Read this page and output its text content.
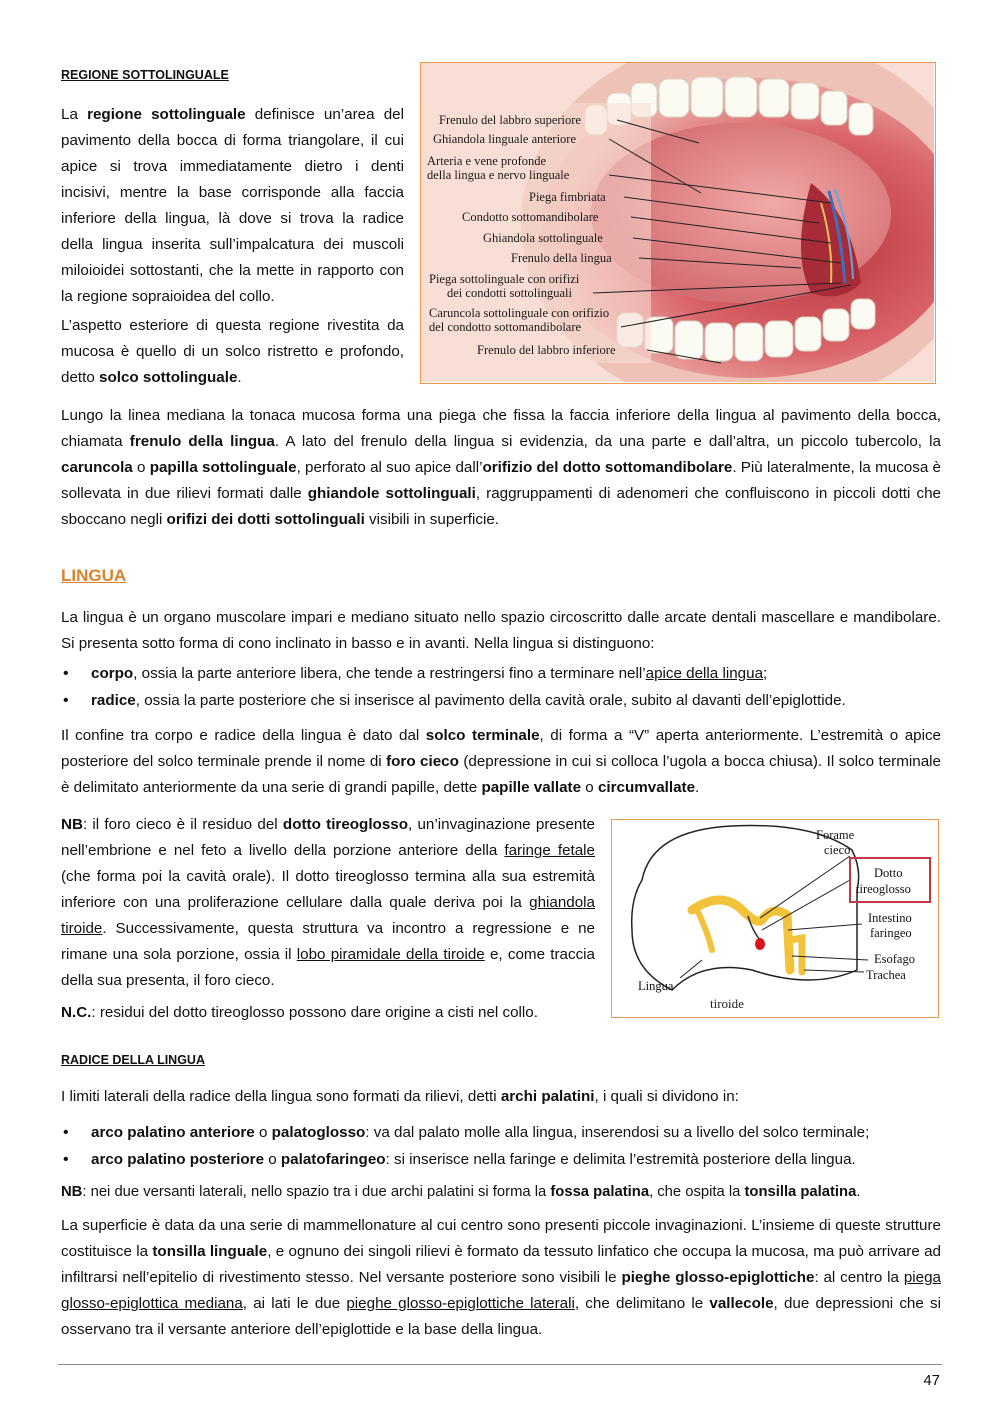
REGIONE SOTTOLINGUALE

La regione sottolinguale definisce un’area del pavimento della bocca di forma triangolare, il cui apice si trova immediatamente dietro i denti incisivi, mentre la base corrisponde alla faccia inferiore della lingua, là dove si trova la radice della lingua inserita sull’impalcatura dei muscoli miloioidei sottostanti, che la mette in rapporto con la regione sopraioidea del collo.

L’aspetto esteriore di questa regione rivestita da mucosa è quello di un solco ristretto e profondo, detto solco sottolinguale.

Frenulo del labbro superiore
Ghiandola linguale anteriore
Arteria e vene profonde
della lingua e nervo linguale
Piega fimbriata
Condotto sottomandibolare
Ghiandola sottolinguale
Frenulo della lingua
Piega sottolinguale con orifizi
dei condotti sottolinguali
Caruncola sottolinguale con orifizio
del condotto sottomandibolare
Frenulo del labbro inferiore

Lungo la linea mediana la tonaca mucosa forma una piega che fissa la faccia inferiore della lingua al pavimento della bocca, chiamata frenulo della lingua. A lato del frenulo della lingua si evidenzia, da una parte e dall’altra, un piccolo tubercolo, la caruncola o papilla sottolinguale, perforato al suo apice dall’orifizio del dotto sottomandibolare. Più lateralmente, la mucosa è sollevata in due rilievi formati dalle ghiandole sottolinguali, raggruppamenti di adenomeri che confluiscono in piccoli dotti che sboccano negli orifizi dei dotti sottolinguali visibili in superficie.

LINGUA

La lingua è un organo muscolare impari e mediano situato nello spazio circoscritto dalle arcate dentali mascellare e mandibolare. Si presenta sotto forma di cono inclinato in basso e in avanti. Nella lingua si distinguono:

• corpo, ossia la parte anteriore libera, che tende a restringersi fino a terminare nell’apice della lingua;
• radice, ossia la parte posteriore che si inserisce al pavimento della cavità orale, subito al davanti dell’epiglottide.

Il confine tra corpo e radice della lingua è dato dal solco terminale, di forma a “V” aperta anteriormente. L’estremità o apice posteriore del solco terminale prende il nome di foro cieco (depressione in cui si colloca l’ugola a bocca chiusa). Il solco terminale è delimitato anteriormente da una serie di grandi papille, dette papille vallate o circumvallate.

NB: il foro cieco è il residuo del dotto tireoglosso, un’invaginazione presente nell’embrione e nel feto a livello della porzione anteriore della faringe fetale (che forma poi la cavità orale). Il dotto tireoglosso termina alla sua estremità inferiore con una proliferazione cellulare dalla quale deriva poi la ghiandola tiroide. Successivamente, questa struttura va incontro a regressione e ne rimane una sola porzione, ossia il lobo piramidale della tiroide e, come traccia della sua presenta, il foro cieco.

N.C.: residui del dotto tireoglosso possono dare origine a cisti nel collo.

Forame
cieco
Dotto
tireoglosso
Intestino
faringeo
Esofago
Trachea
Lingua
tiroide
RADICE DELLA LINGUA

I limiti laterali della radice della lingua sono formati da rilievi, detti archi palatini, i quali si dividono in:

• arco palatino anteriore o palatoglosso: va dal palato molle alla lingua, inserendosi su a livello del solco terminale;
• arco palatino posteriore o palatofaringeo: si inserisce nella faringe e delimita l’estremità posteriore della lingua.

NB: nei due versanti laterali, nello spazio tra i due archi palatini si forma la fossa palatina, che ospita la tonsilla palatina.

La superficie è data da una serie di mammellonature al cui centro sono presenti piccole invaginazioni. L’insieme di queste strutture costituisce la tonsilla linguale, e ognuno dei singoli rilievi è formato da tessuto linfatico che occupa la mucosa, ma può arrivare ad infiltrarsi nell’epitelio di rivestimento stesso. Nel versante posteriore sono visibili le pieghe glosso-epiglottiche: al centro la piega glosso-epiglottica mediana, ai lati le due pieghe glosso-epiglottiche laterali, che delimitano le vallecole, due depressioni che si osservano tra il versante anteriore dell’epiglottide e la base della lingua.

47
